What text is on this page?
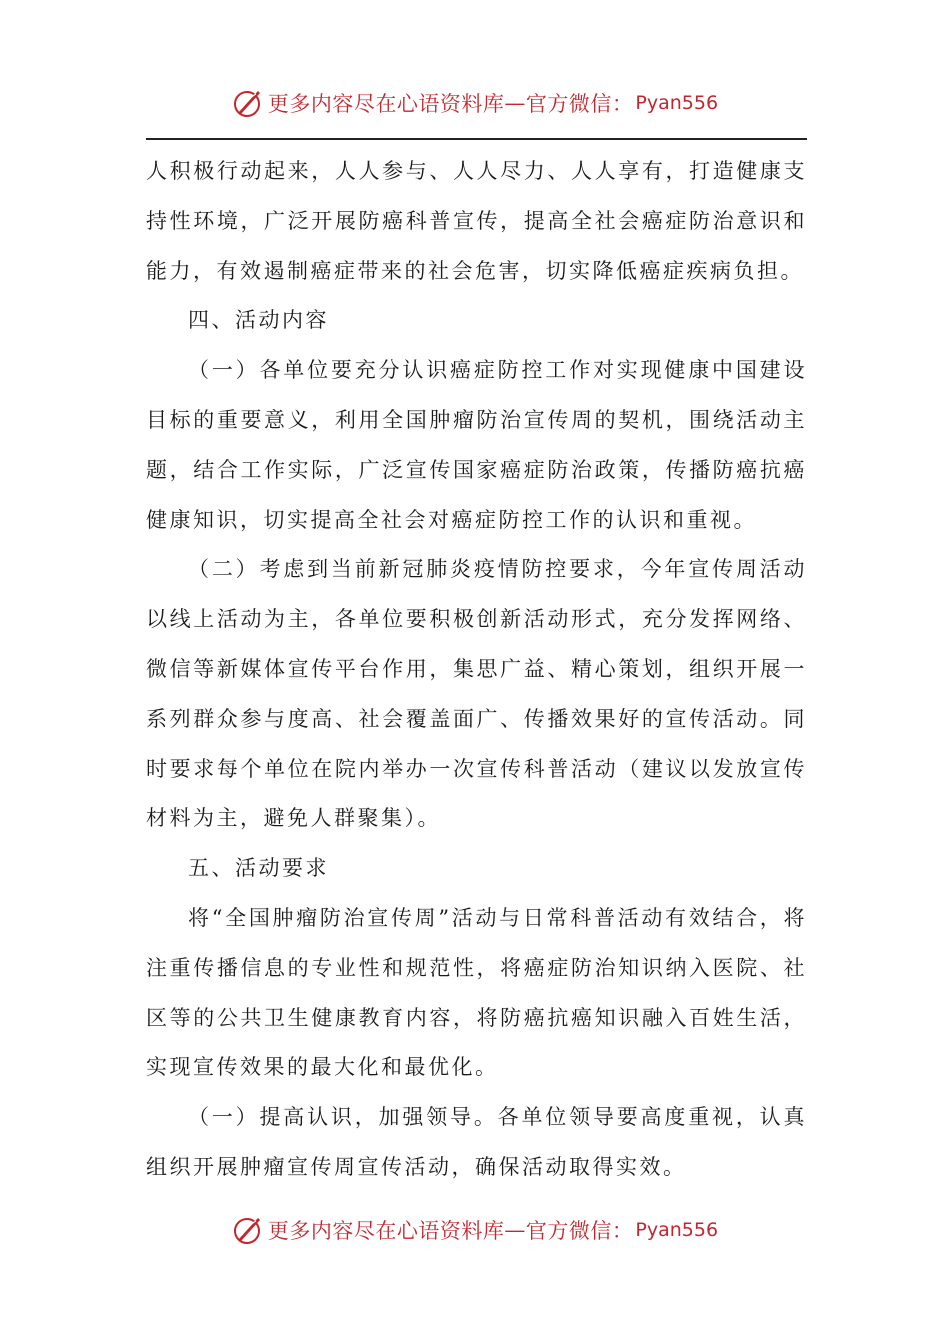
更多内容尽在心语资料库 — 官方微信： Pyan556

人积极行动起来，人人参与、人人尽力、人人享有，打造健康支持性环境，广泛开展防癌科普宣传，提高全社会癌症防治意识和能力，有效遏制癌症带来的社会危害，切实降低癌症疾病负担。

四、活动内容

（一）各单位要充分认识癌症防控工作对实现健康中国建设目标的重要意义，利用全国肿瘤防治宣传周的契机，围绕活动主题，结合工作实际，广泛宣传国家癌症防治政策，传播防癌抗癌健康知识，切实提高全社会对癌症防控工作的认识和重视。

（二）考虑到当前新冠肺炎疫情防控要求，今年宣传周活动以线上活动为主，各单位要积极创新活动形式，充分发挥网络、微信等新媒体宣传平台作用，集思广益、精心策划，组织开展一系列群众参与度高、社会覆盖面广、传播效果好的宣传活动。同时要求每个单位在院内举办一次宣传科普活动（建议以发放宣传材料为主，避免人群聚集）。

五、活动要求

将“全国肿瘤防治宣传周”活动与日常科普活动有效结合，将注重传播信息的专业性和规范性，将癌症防治知识纳入医院、社区等的公共卫生健康教育内容，将防癌抗癌知识融入百姓生活，实现宣传效果的最大化和最优化。

（一）提高认识，加强领导。各单位领导要高度重视，认真组织开展肿瘤宣传周宣传活动，确保活动取得实效。

更多内容尽在心语资料库 — 官方微信： Pyan556
